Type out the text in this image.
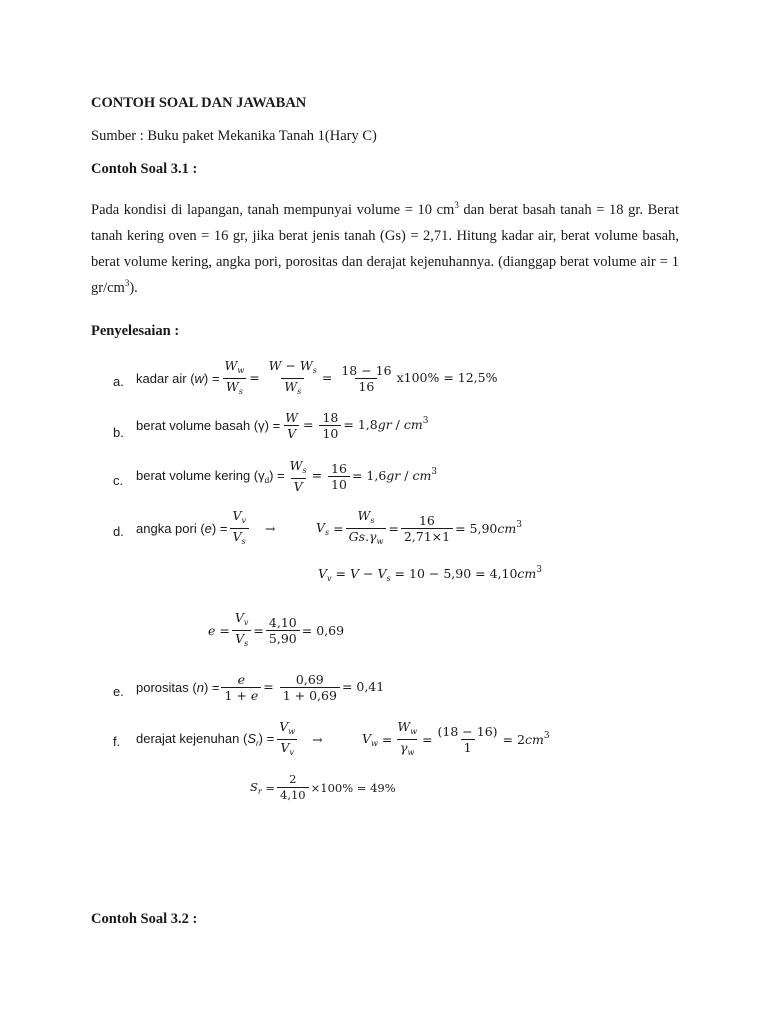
CONTOH SOAL DAN JAWABAN
Sumber : Buku paket Mekanika Tanah 1(Hary C)
Contoh Soal 3.1 :
Pada kondisi di lapangan, tanah mempunyai volume = 10 $cm^3$ dan berat basah tanah = 18 gr. Berat tanah kering oven = 16 gr, jika berat jenis tanah (Gs) = 2,71. Hitung kadar air, berat volume basah, berat volume kering, angka pori, porositas dan derajat kejenuhannya. (dianggap berat volume air = 1 $gr/cm^3$).
Penyelesaian :
a. kadar air $(w) = \frac{W_w}{W_s} = \frac{W - W_s}{W_s} = \frac{18 - 16}{16} x100\% = 12,5\%$
b. berat volume basah $(\gamma) = \frac{W}{V} = \frac{18}{10} = 1,8gr / cm^3$
c. berat volume kering $(\gamma_d) = \frac{W_s}{V} = \frac{16}{10} = 1,6gr / cm^3$
d. angka pori $(e) = \frac{V_v}{V_s}$ →	$V_s$ =
$W_s$
$Gs.\gamma_w$
= $\frac{16}{2,71\times 1} = 5,90cm^3$
$V_v = V - V_s = 10 - 5,90 = 4,10cm^3$
e =
$V_v$
$V_s$
= $\frac{4,10}{5,90} = 0,69$
e. porositas $(n) = \frac{e}{1 + e} = \frac{0,69}{1 + 0,69} = 0,41$
f. derajat kejenuhan $(S_r) = \frac{V_w}{V_v}$ →	$V_w$ =
$W_w$
$\gamma_w$
= $\frac{(18 - 16)}{1} = 2cm^3$
$S_r = \frac{2}{4,10} \times 100\% = 49\%$
Contoh Soal 3.2 :
